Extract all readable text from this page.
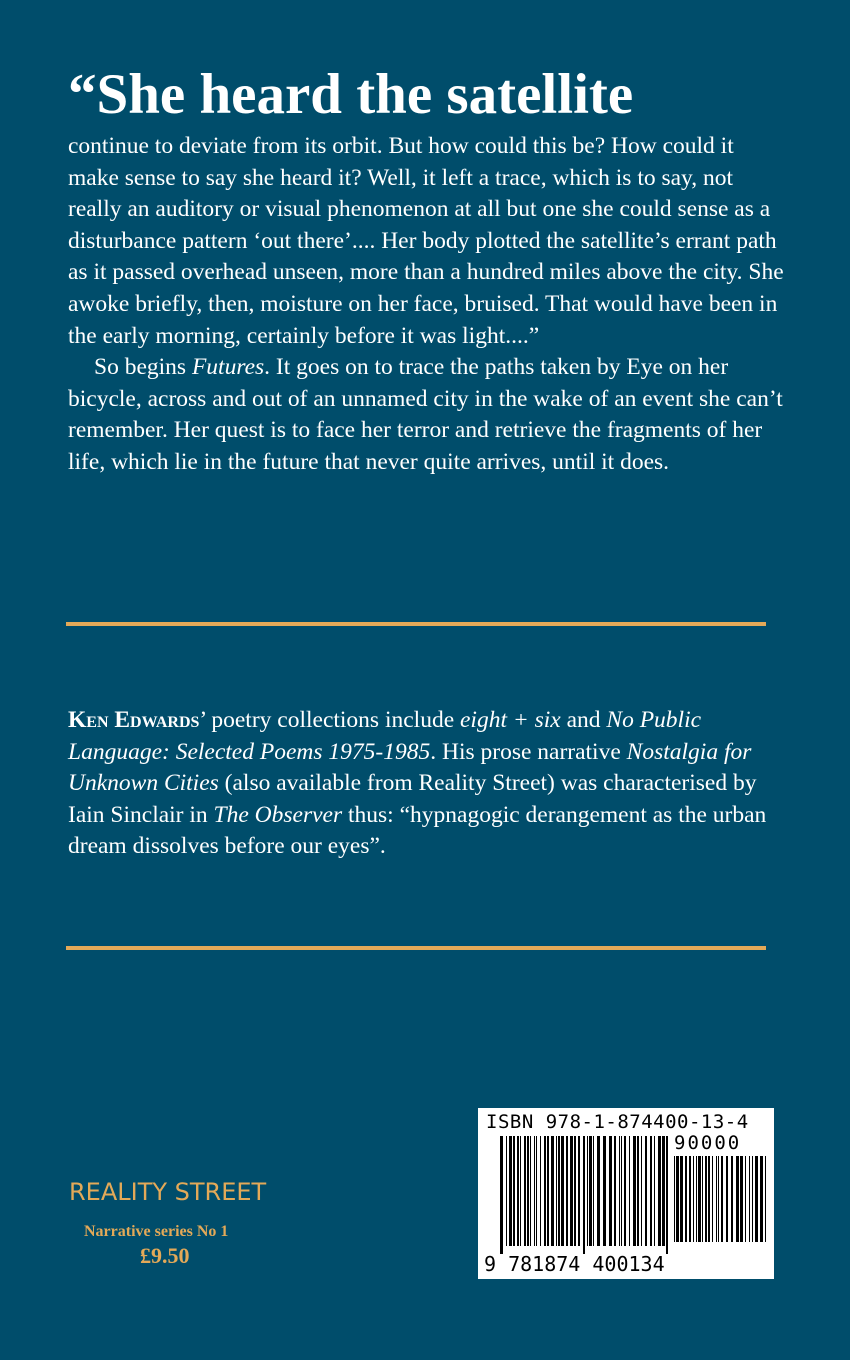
“She heard the satellite

continue to deviate from its orbit. But how could this be? How could it make sense to say she heard it? Well, it left a trace, which is to say, not really an auditory or visual phenomenon at all but one she could sense as a disturbance pattern ‘out there’.... Her body plotted the satellite’s errant path as it passed overhead unseen, more than a hundred miles above the city. She awoke briefly, then, moisture on her face, bruised. That would have been in the early morning, certainly before it was light....”

So begins Futures. It goes on to trace the paths taken by Eye on her bicycle, across and out of an unnamed city in the wake of an event she can’t remember. Her quest is to face her terror and retrieve the fragments of her life, which lie in the future that never quite arrives, until it does.

Ken Edwards’ poetry collections include eight + six and No Public Language: Selected Poems 1975-1985. His prose narrative Nostalgia for Unknown Cities (also available from Reality Street) was characterised by Iain Sinclair in The Observer thus: “hypnagogic derangement as the urban dream dissolves before our eyes”.

REALITY STREET

Narrative series No 1

£9.50

ISBN 978-1-874400-13-4
90000
9 781874 400134
